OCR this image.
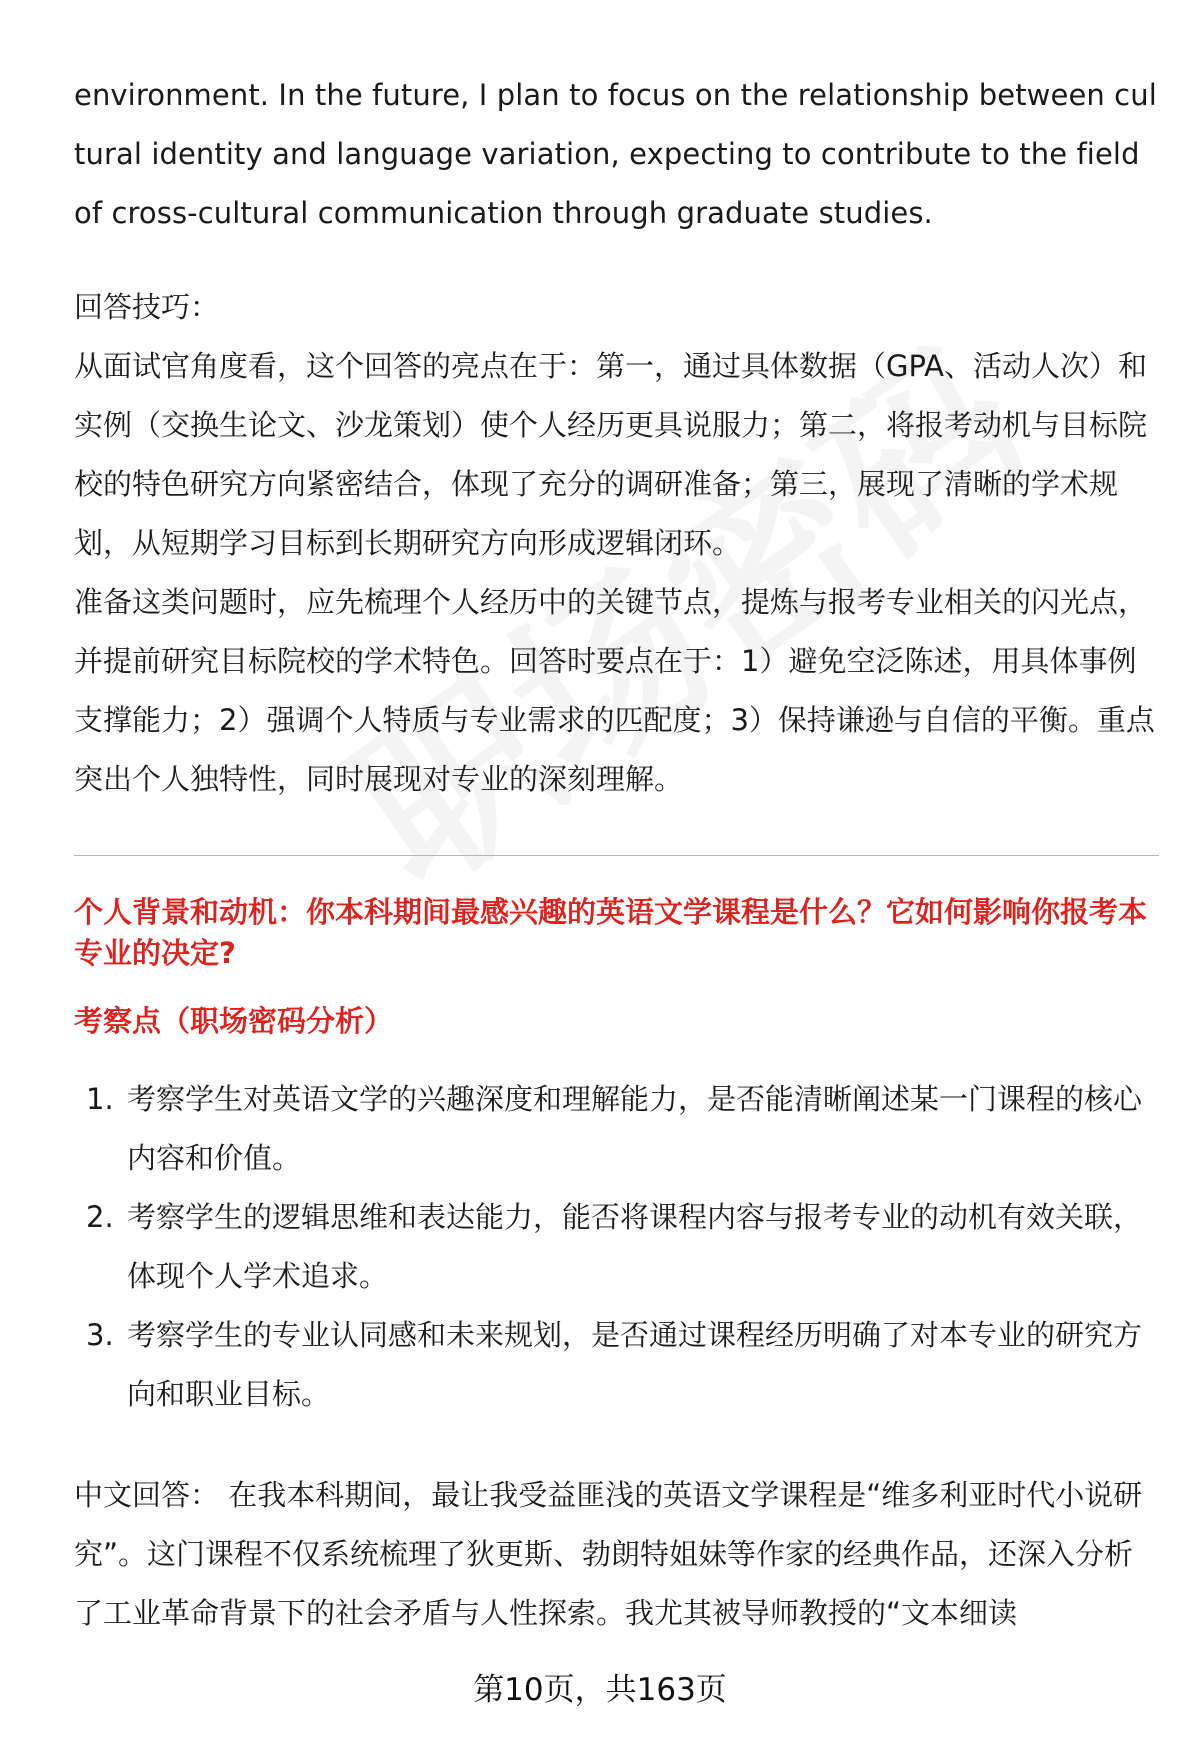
environment. In the future, I plan to focus on the relationship between cultural identity and language variation, expecting to contribute to the field of cross-cultural communication through graduate studies.

回答技巧：

从面试官角度看，这个回答的亮点在于：第一，通过具体数据（GPA、活动人次）和实例（交换生论文、沙龙策划）使个人经历更具说服力；第二，将报考动机与目标院校的特色研究方向紧密结合，体现了充分的调研准备；第三，展现了清晰的学术规划，从短期学习目标到长期研究方向形成逻辑闭环。

准备这类问题时，应先梳理个人经历中的关键节点，提炼与报考专业相关的闪光点，并提前研究目标院校的学术特色。回答时要点在于：1）避免空泛陈述，用具体事例支撑能力；2）强调个人特质与专业需求的匹配度；3）保持谦逊与自信的平衡。重点突出个人独特性，同时展现对专业的深刻理解。

个人背景和动机：你本科期间最感兴趣的英语文学课程是什么？它如何影响你报考本专业的决定?
考察点（职场密码分析）
1. 考察学生对英语文学的兴趣深度和理解能力，是否能清晰阐述某一门课程的核心内容和价值。
2. 考察学生的逻辑思维和表达能力，能否将课程内容与报考专业的动机有效关联，体现个人学术追求。
3. 考察学生的专业认同感和未来规划，是否通过课程经历明确了对本专业的研究方向和职业目标。

中文回答： 在我本科期间，最让我受益匪浅的英语文学课程是“维多利亚时代小说研究”。这门课程不仅系统梳理了狄更斯、勃朗特姐妹等作家的经典作品，还深入分析了工业革命背景下的社会矛盾与人性探索。我尤其被导师教授的“文本细读

第10页，共163页
